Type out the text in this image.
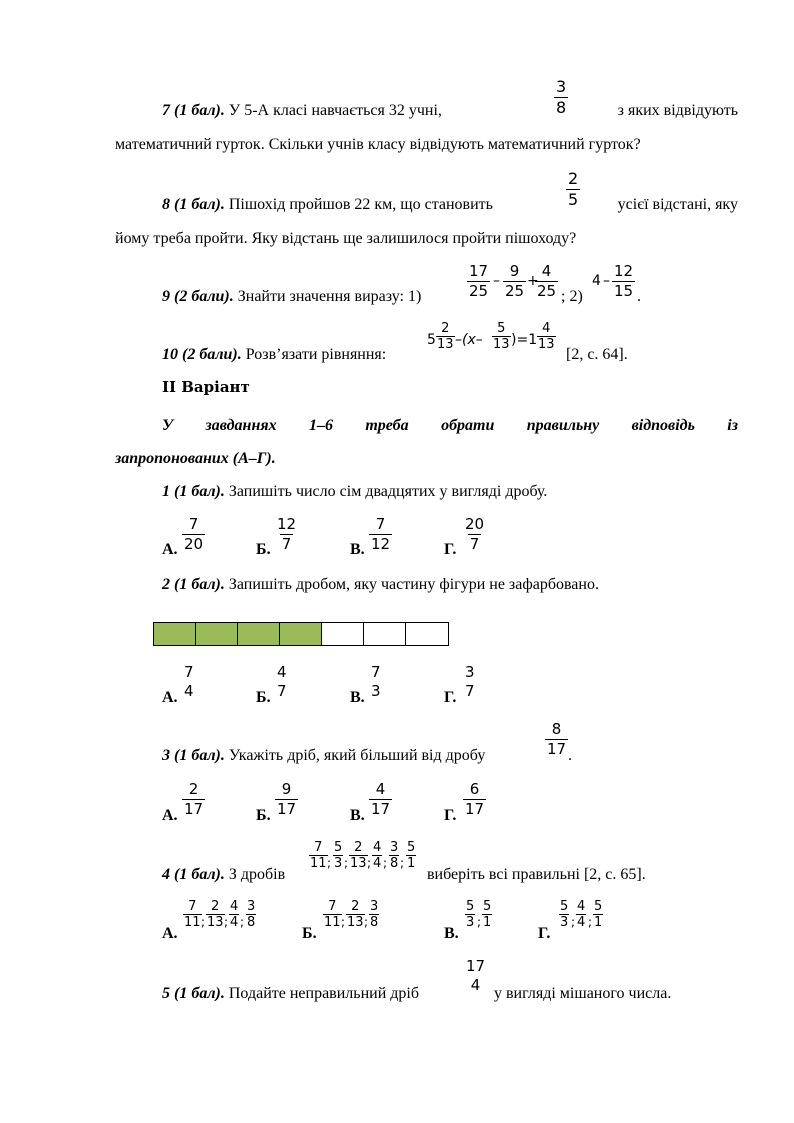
7 (1 бал). У 5-А класі навчається 32 учні,	з яких відвідують
$\frac{3}{8}$
математичний гурток. Скільки учнів класу відвідують математичний гурток?
8 (1 бал). Пішохід пройшов 22 км, що становить	усієї відстані, яку
$\frac{2}{5}$
йому треба пройти. Яку відстань ще залишилося пройти пішоходу?
9 (2 бали). Знайти значення виразу: 1)	$\frac{17}{25} - \frac{9}{25}$ +
$\frac{4}{25}$ ; 2)
$4 - \frac{12}{15}$ .
10 (2 бали). Розв’язати рівняння:
$5 \frac{2}{13} -(x- \frac{5}{13} )=1 \frac{4}{13}$
[2, с. 64].
ІІ Варіант
У завданнях 1–6 треба обрати правильну відповідь із
запропонованих (А–Г).
1 (1 бал). Запишіть число сім двадцятих у вигляді дробу.
А. $\frac{7}{20}$	Б. $\frac{12}{7}$	В. $\frac{7}{12}$	Г. $\frac{20}{7}$
2 (1 бал). Запишіть дробом, яку частину фігури не зафарбовано.
А.
7
4	Б.
4
7	В.
7
3	Г.
3
7
3 (1 бал). Укажіть дріб, який більший від дробу	$\frac{8}{17}$ .
А. $\frac{2}{17}$	Б. $\frac{9}{17}$	В. $\frac{4}{17}$	Г. $\frac{6}{17}$
4 (1 бал). З дробів
$\frac{7}{11}$ ; $\frac{5}{3}$ ; $\frac{2}{13}$ ; $\frac{4}{4}$ ; $\frac{3}{8}$ ; $\frac{5}{1}$
виберіть всі правильні [2, с. 65].
А.
$\frac{7}{11}$ ; $\frac{2}{13}$ ; $\frac{4}{4}$ ; $\frac{3}{8}$
Б.
$\frac{7}{11}$ ; $\frac{2}{13}$ ; $\frac{3}{8}$
В.
$\frac{5}{3}$ ; $\frac{5}{1}$
Г.
$\frac{5}{3}$ ; $\frac{4}{4}$ ; $\frac{5}{1}$
5 (1 бал). Подайте неправильний дріб
17
4 у вигляді мішаного числа.
